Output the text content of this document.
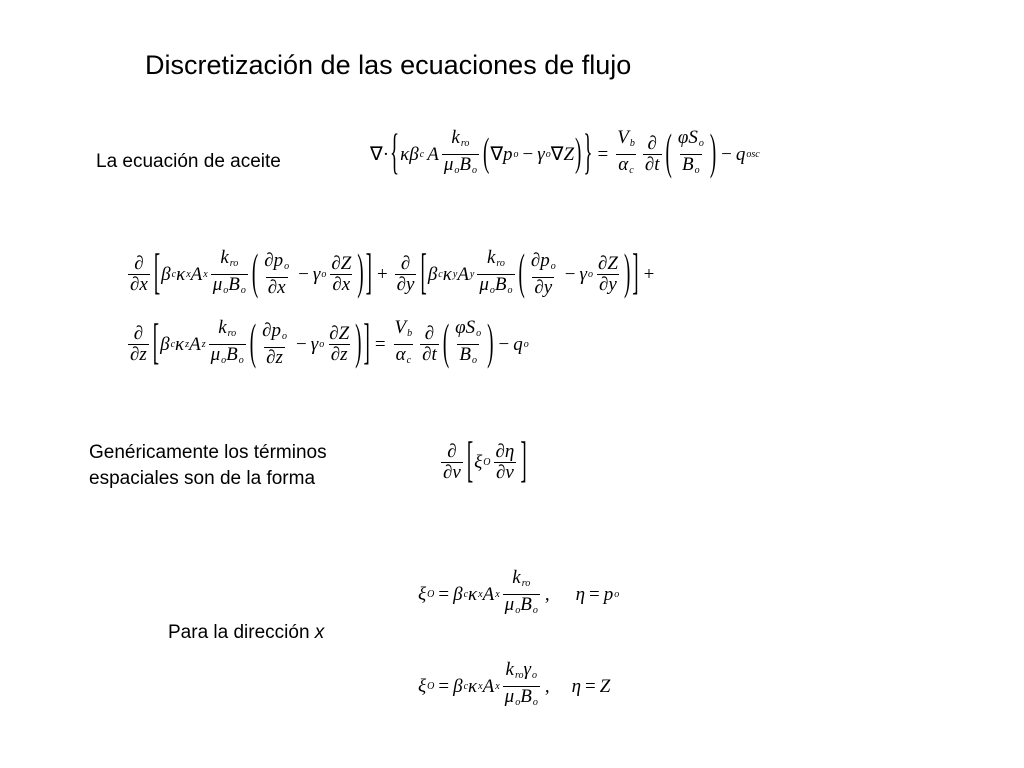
Discretización de las ecuaciones de flujo
La ecuación de aceite	∇· { κ β c A $\frac{k_{ro}}{\mu_oB_o}$ ( ∇ p o − γ o ∇ Z ) } = $\frac{V_b}{\alpha_c} \frac{\partial}{\partial t}$ ( $\frac{\varphi S_o}{B_o}$ ) − q osc
$\frac{\partial}{\partial x}$ [ β c κ x A x $\frac{k_{ro}}{\mu_oB_o}$ ( $\frac{\partial p_o}{\partial x} - \gamma$ o $\frac{\partial Z}{\partial x}$ ) ] + $\frac{\partial}{\partial y}$ [ β c κ y A y $\frac{k_{ro}}{\mu_oB_o}$ ( $\frac{\partial p_o}{\partial y} - \gamma$ o $\frac{\partial Z}{\partial y}$ ) ] +
$\frac{\partial}{\partial z}$ [ β c κ z A z $\frac{k_{ro}}{\mu_oB_o}$ ( $\frac{\partial p_o}{\partial z} - \gamma$ o $\frac{\partial Z}{\partial z}$ ) ] = $\frac{V_b}{\alpha_c} \frac{\partial}{\partial t}$ ( $\frac{\varphi S_o}{B_o}$ ) − q o
Genéricamente los términos
espaciales son de la forma	$\frac{\partial}{\partial v}$ [ ξ O $\frac{\partial\eta}{\partial v}$ ]
Para la dirección x
ξ O = β c κ x A x $\frac{k_{ro}}{\mu_oB_o}$ , η = p o
ξ O = β c κ x A x $\frac{k_{ro}\gamma_o}{\mu_oB_o}$ , η = Z
